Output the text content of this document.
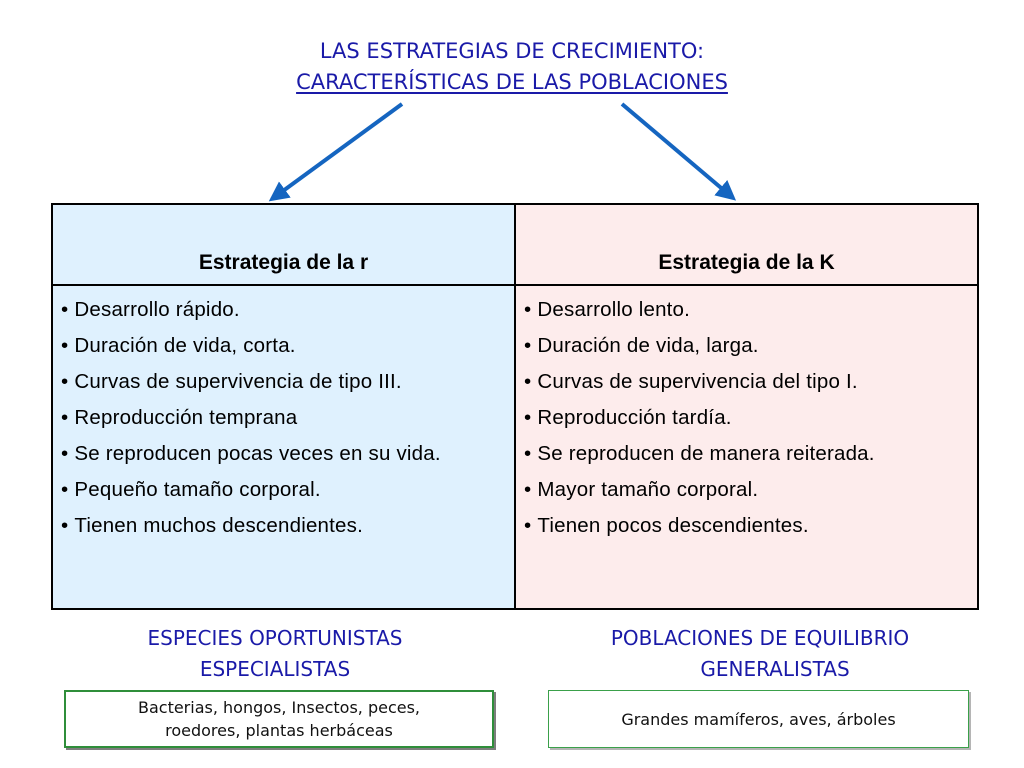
LAS ESTRATEGIAS DE CRECIMIENTO:
CARACTERÍSTICAS DE LAS POBLACIONES
Estrategia de la r	Estrategia de la K
• Desarrollo rápido.
• Duración de vida, corta.
• Curvas de supervivencia de tipo III.
• Reproducción temprana
• Se reproducen pocas veces en su vida.
• Pequeño tamaño corporal.
• Tienen muchos descendientes.
• Desarrollo lento.
• Duración de vida, larga.
• Curvas de supervivencia del tipo I.
• Reproducción tardía.
• Se reproducen de manera reiterada.
• Mayor tamaño corporal.
• Tienen pocos descendientes.
ESPECIES OPORTUNISTAS
ESPECIALISTAS
POBLACIONES DE EQUILIBRIO
GENERALISTAS
Bacterias, hongos, Insectos, peces,
roedores, plantas herbáceas
Grandes mamíferos, aves, árboles
